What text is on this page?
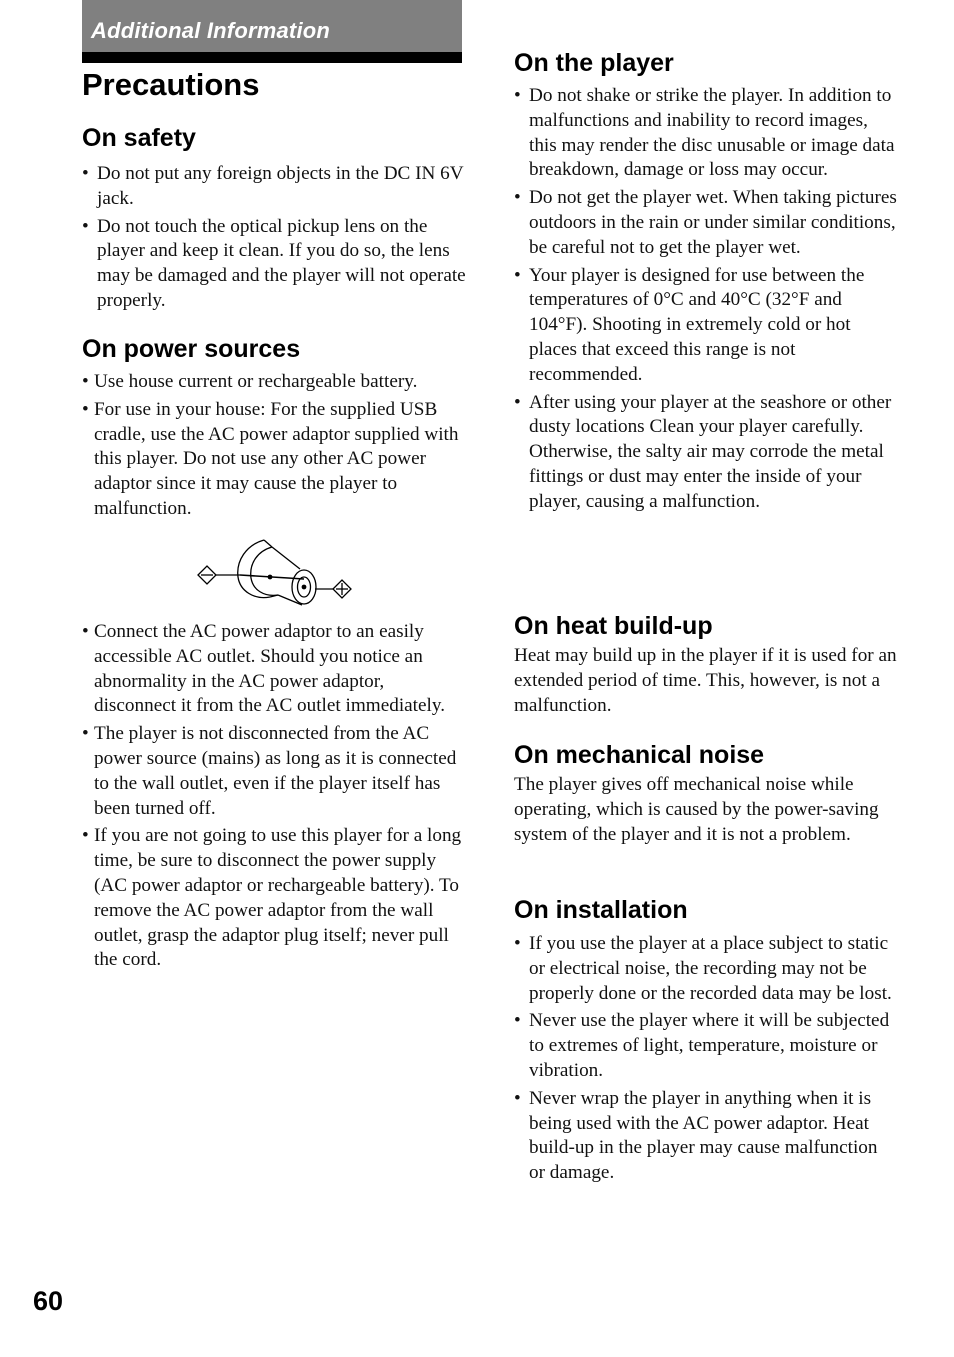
Additional Information
Precautions
On safety
• Do not put any foreign objects in the DC IN 6V jack.
• Do not touch the optical pickup lens on the player and keep it clean. If you do so, the lens may be damaged and the player will not operate properly.
On power sources
• Use house current or rechargeable battery.
• For use in your house: For the supplied USB cradle, use the AC power adaptor supplied with this player. Do not use any other AC power adaptor since it may cause the player to malfunction.
• Connect the AC power adaptor to an easily accessible AC outlet. Should you notice an abnormality in the AC power adaptor, disconnect it from the AC outlet immediately.
• The player is not disconnected from the AC power source (mains) as long as it is connected to the wall outlet, even if the player itself has been turned off.
• If you are not going to use this player for a long time, be sure to disconnect the power supply (AC power adaptor or rechargeable battery). To remove the AC power adaptor from the wall outlet, grasp the adaptor plug itself; never pull the cord.
On the player
• Do not shake or strike the player. In addition to malfunctions and inability to record images, this may render the disc unusable or image data breakdown, damage or loss may occur.
• Do not get the player wet. When taking pictures outdoors in the rain or under similar conditions, be careful not to get the player wet.
• Your player is designed for use between the temperatures of 0°C and 40°C (32°F and 104°F). Shooting in extremely cold or hot places that exceed this range is not recommended.
• After using your player at the seashore or other dusty locations Clean your player carefully. Otherwise, the salty air may corrode the metal fittings or dust may enter the inside of your player, causing a malfunction.
On heat build-up

Heat may build up in the player if it is used for an extended period of time. This, however, is not a malfunction.

On mechanical noise

The player gives off mechanical noise while operating, which is caused by the power-saving system of the player and it is not a problem.

On installation
• If you use the player at a place subject to static or electrical noise, the recording may not be properly done or the recorded data may be lost.
• Never use the player where it will be subjected to extremes of light, temperature, moisture or vibration.
• Never wrap the player in anything when it is being used with the AC power adaptor. Heat build-up in the player may cause malfunction or damage.
60
